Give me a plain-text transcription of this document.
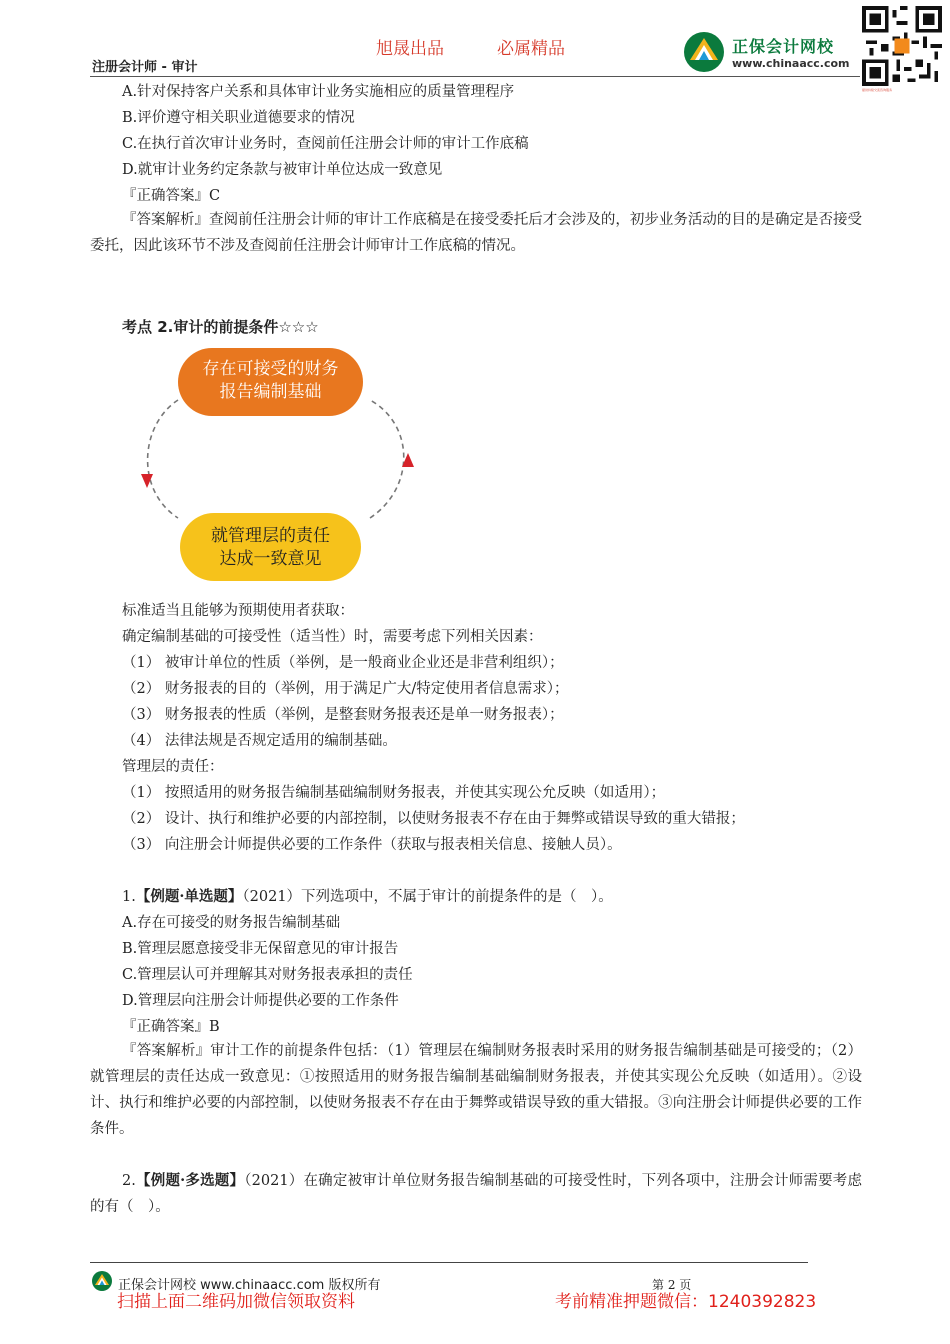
旭晟出品	必属精品
注册会计师 - 审计
正保会计网校
www.chinaacc.com
提供持续交流咨询服务
A.针对保持客户关系和具体审计业务实施相应的质量管理程序
B.评价遵守相关职业道德要求的情况
C.在执行首次审计业务时，查阅前任注册会计师的审计工作底稿
D.就审计业务约定条款与被审计单位达成一致意见
『正确答案』C
『答案解析』查阅前任注册会计师的审计工作底稿是在接受委托后才会涉及的，初步业务活动的目的是确定是否接受委托，因此该环节不涉及查阅前任注册会计师审计工作底稿的情况。
考点 2.审计的前提条件☆☆☆
存在可接受的财务
报告编制基础
就管理层的责任
达成一致意见
标准适当且能够为预期使用者获取：
确定编制基础的可接受性（适当性）时，需要考虑下列相关因素：
（1） 被审计单位的性质（举例，是一般商业企业还是非营利组织）；
（2） 财务报表的目的（举例，用于满足广大/特定使用者信息需求）；
（3） 财务报表的性质（举例，是整套财务报表还是单一财务报表）；
（4） 法律法规是否规定适用的编制基础。
管理层的责任：
（1） 按照适用的财务报告编制基础编制财务报表，并使其实现公允反映（如适用）；
（2） 设计、执行和维护必要的内部控制，以使财务报表不存在由于舞弊或错误导致的重大错报；
（3） 向注册会计师提供必要的工作条件（获取与报表相关信息、接触人员）。
1.【例题·单选题】（2021）下列选项中，不属于审计的前提条件的是（　）。
A.存在可接受的财务报告编制基础
B.管理层愿意接受非无保留意见的审计报告
C.管理层认可并理解其对财务报表承担的责任
D.管理层向注册会计师提供必要的工作条件
『正确答案』B
『答案解析』审计工作的前提条件包括：（1）管理层在编制财务报表时采用的财务报告编制基础是可接受的；（2）就管理层的责任达成一致意见：①按照适用的财务报告编制基础编制财务报表，并使其实现公允反映（如适用）。②设计、执行和维护必要的内部控制，以使财务报表不存在由于舞弊或错误导致的重大错报。③向注册会计师提供必要的工作条件。
2.【例题·多选题】（2021）在确定被审计单位财务报告编制基础的可接受性时，下列各项中，注册会计师需要考虑的有（　）。
正保会计网校 www.chinaacc.com 版权所有	第 2 页
扫描上面二维码加微信领取资料	考前精准押题微信：1240392823
